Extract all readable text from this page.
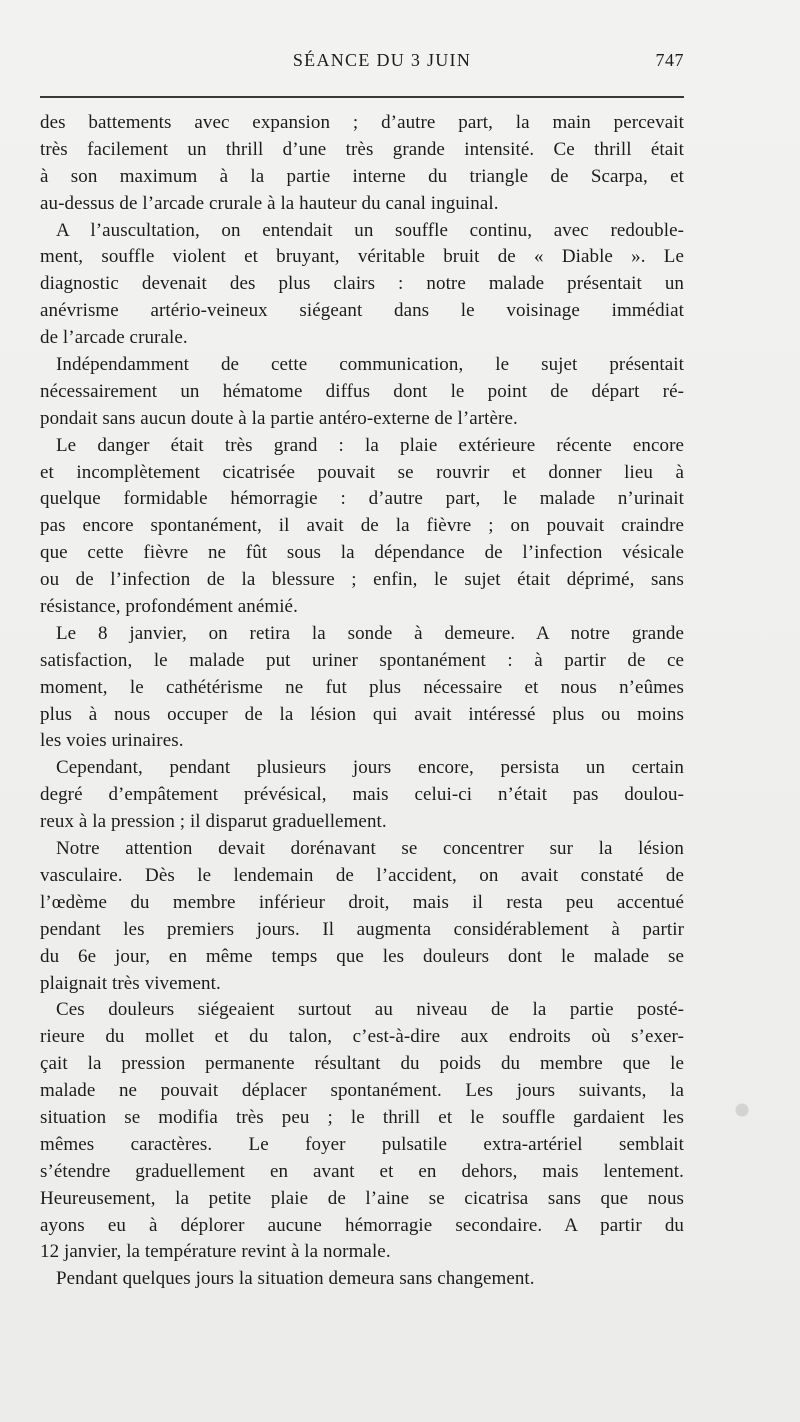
SÉANCE DU 3 JUIN	747
des battements avec expansion ; d’autre part, la main percevait
très facilement un thrill d’une très grande intensité. Ce thrill était
à son maximum à la partie interne du triangle de Scarpa, et
au-dessus de l’arcade crurale à la hauteur du canal inguinal.
A l’auscultation, on entendait un souffle continu, avec redouble-
ment, souffle violent et bruyant, véritable bruit de « Diable ». Le
diagnostic devenait des plus clairs : notre malade présentait un
anévrisme artério-veineux siégeant dans le voisinage immédiat
de l’arcade crurale.
Indépendamment de cette communication, le sujet présentait
nécessairement un hématome diffus dont le point de départ ré-
pondait sans aucun doute à la partie antéro-externe de l’artère.
Le danger était très grand : la plaie extérieure récente encore
et incomplètement cicatrisée pouvait se rouvrir et donner lieu à
quelque formidable hémorragie : d’autre part, le malade n’urinait
pas encore spontanément, il avait de la fièvre ; on pouvait craindre
que cette fièvre ne fût sous la dépendance de l’infection vésicale
ou de l’infection de la blessure ; enfin, le sujet était déprimé, sans
résistance, profondément anémié.
Le 8 janvier, on retira la sonde à demeure. A notre grande
satisfaction, le malade put uriner spontanément : à partir de ce
moment, le cathétérisme ne fut plus nécessaire et nous n’eûmes
plus à nous occuper de la lésion qui avait intéressé plus ou moins
les voies urinaires.
Cependant, pendant plusieurs jours encore, persista un certain
degré d’empâtement prévésical, mais celui-ci n’était pas doulou-
reux à la pression ; il disparut graduellement.
Notre attention devait dorénavant se concentrer sur la lésion
vasculaire. Dès le lendemain de l’accident, on avait constaté de
l’œdème du membre inférieur droit, mais il resta peu accentué
pendant les premiers jours. Il augmenta considérablement à partir
du 6e jour, en même temps que les douleurs dont le malade se
plaignait très vivement.
Ces douleurs siégeaient surtout au niveau de la partie posté-
rieure du mollet et du talon, c’est-à-dire aux endroits où s’exer-
çait la pression permanente résultant du poids du membre que le
malade ne pouvait déplacer spontanément. Les jours suivants, la
situation se modifia très peu ; le thrill et le souffle gardaient les
mêmes caractères. Le foyer pulsatile extra-artériel semblait
s’étendre graduellement en avant et en dehors, mais lentement.
Heureusement, la petite plaie de l’aine se cicatrisa sans que nous
ayons eu à déplorer aucune hémorragie secondaire. A partir du
12 janvier, la température revint à la normale.
Pendant quelques jours la situation demeura sans changement.
